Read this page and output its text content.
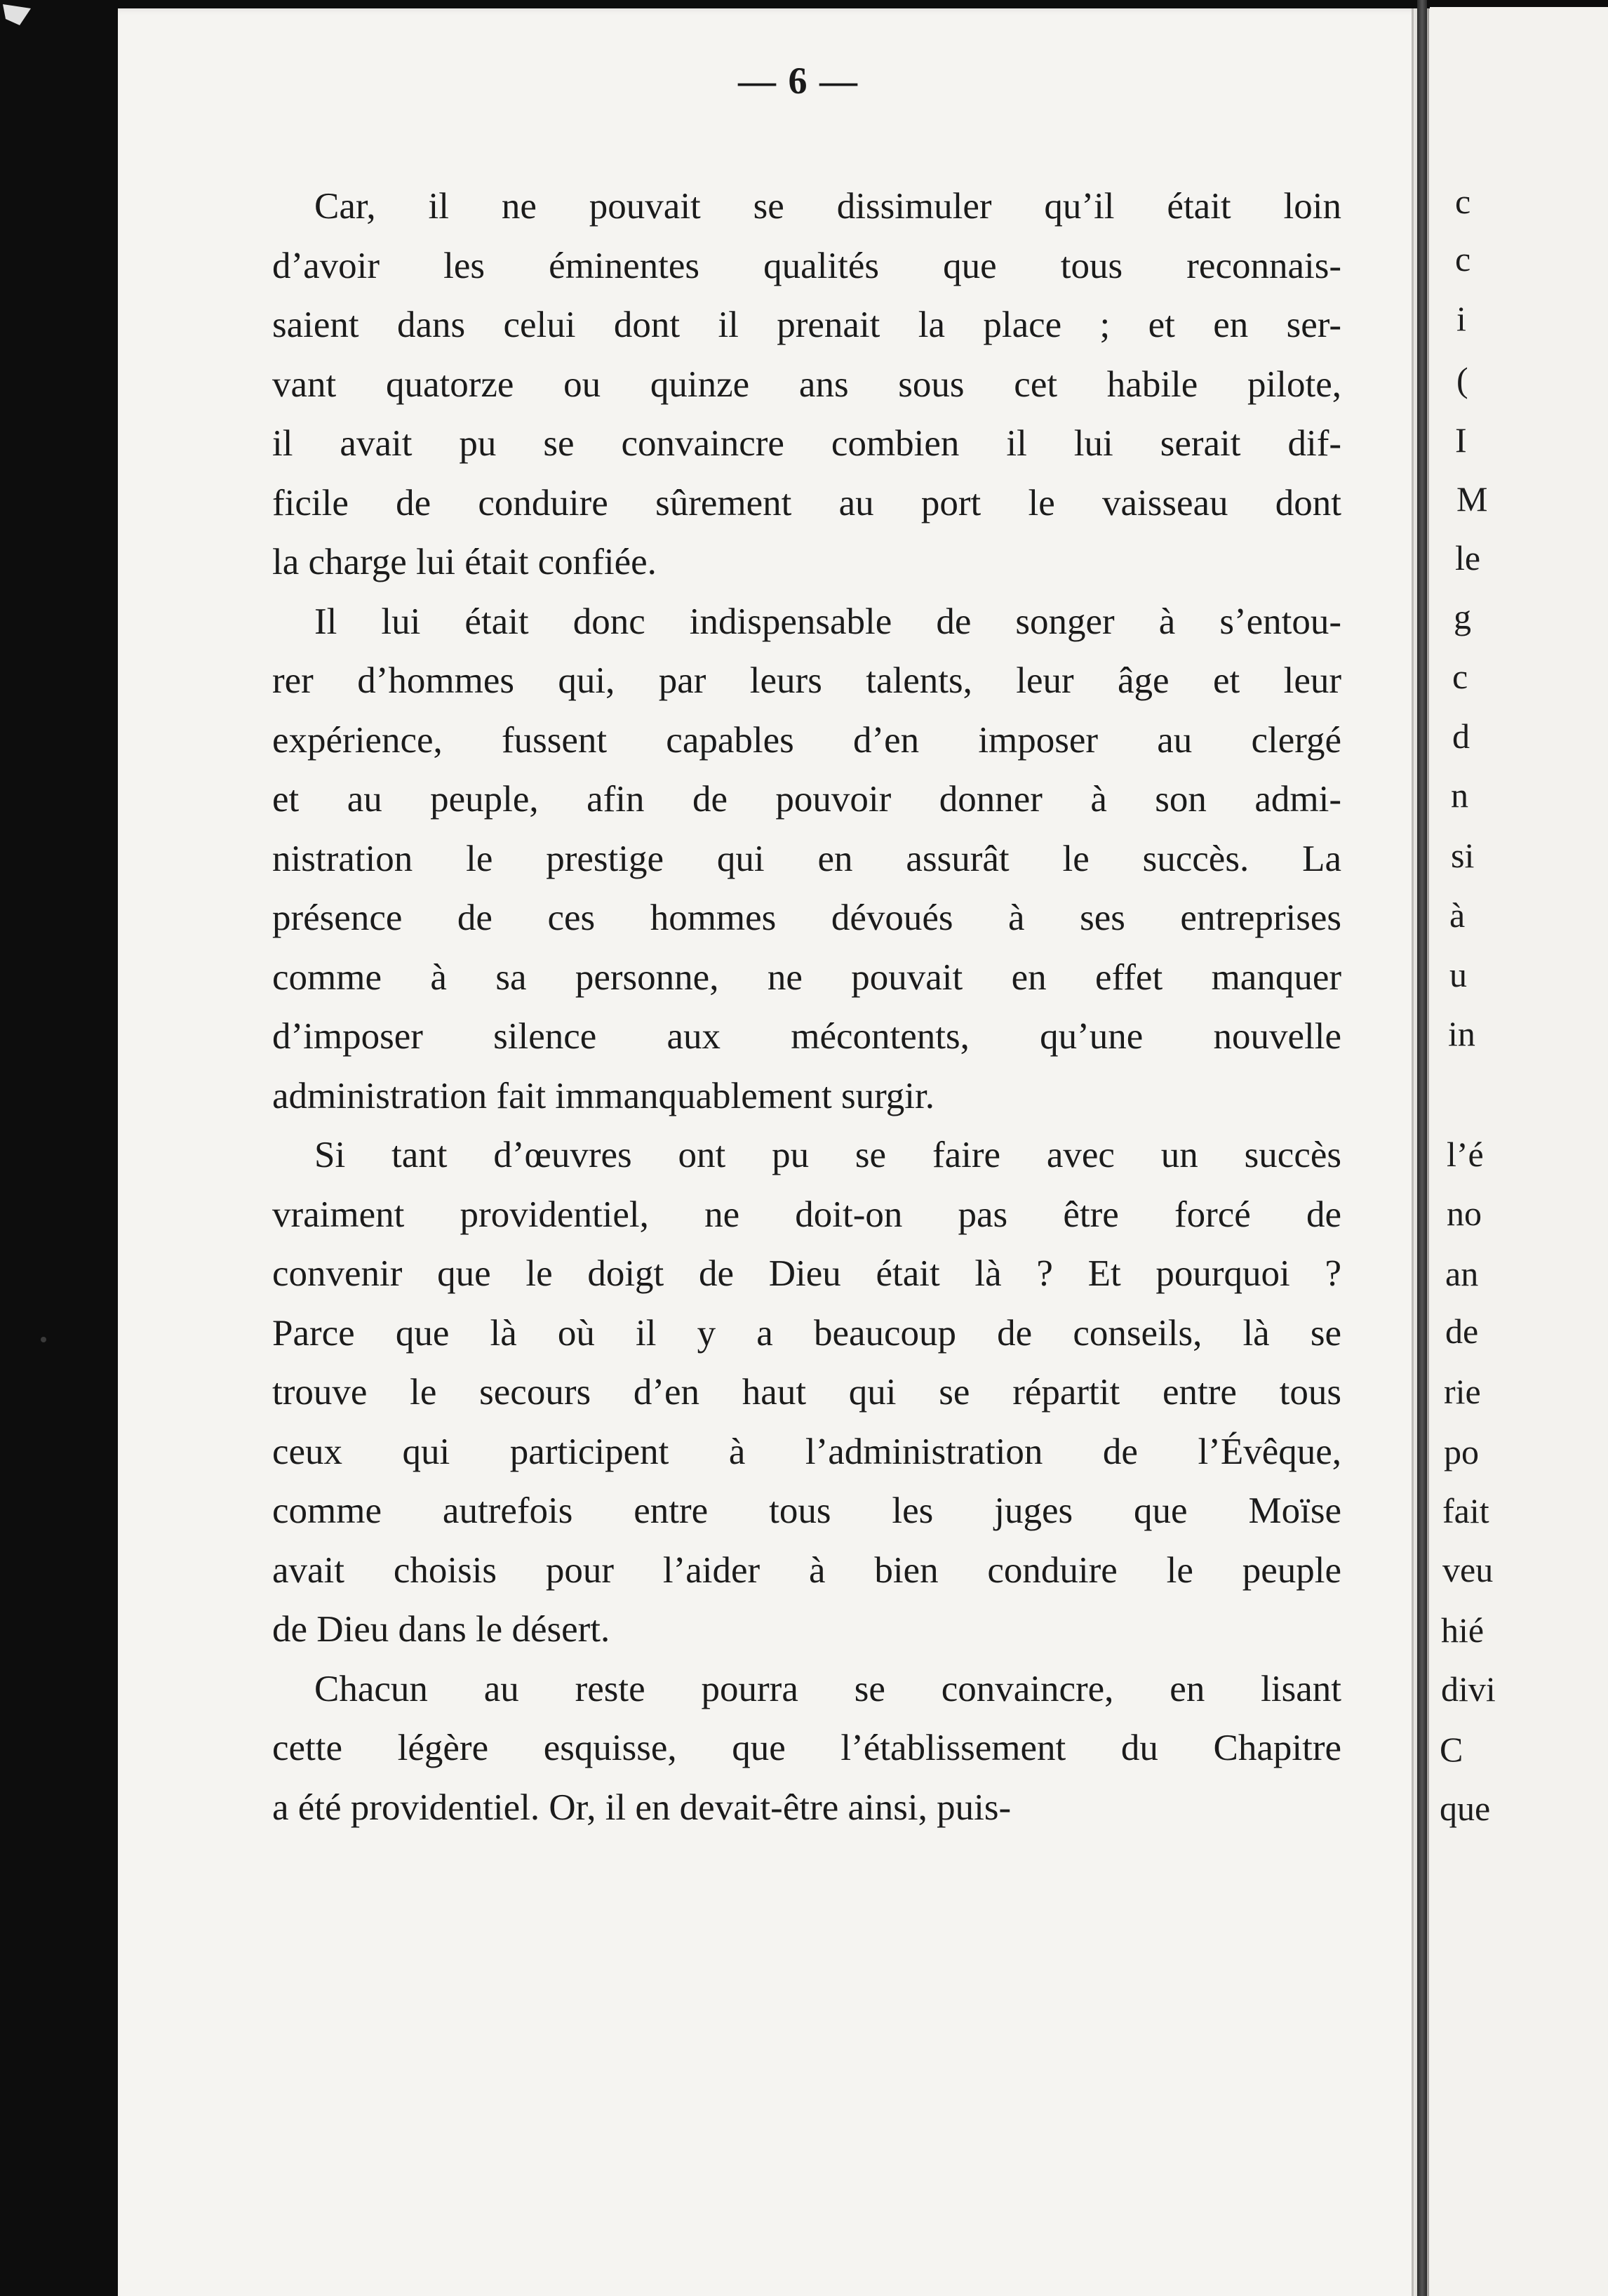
— 6 —
Car, il ne pouvait se dissimuler qu’il était loin
d’avoir les éminentes qualités que tous reconnais-
saient dans celui dont il prenait la place ; et en ser-
vant quatorze ou quinze ans sous cet habile pilote,
il avait pu se convaincre combien il lui serait dif-
ficile de conduire sûrement au port le vaisseau dont
la charge lui était confiée.
Il lui était donc indispensable de songer à s’entou-
rer d’hommes qui, par leurs talents, leur âge et leur
expérience, fussent capables d’en imposer au clergé
et au peuple, afin de pouvoir donner à son admi-
nistration le prestige qui en assurât le succès. La
présence de ces hommes dévoués à ses entreprises
comme à sa personne, ne pouvait en effet manquer
d’imposer silence aux mécontents, qu’une nouvelle
administration fait immanquablement surgir.
Si tant d’œuvres ont pu se faire avec un succès
vraiment providentiel, ne doit-on pas être forcé de
convenir que le doigt de Dieu était là ? Et pourquoi ?
Parce que là où il y a beaucoup de conseils, là se
trouve le secours d’en haut qui se répartit entre tous
ceux qui participent à l’administration de l’Évêque,
comme autrefois entre tous les juges que Moïse
avait choisis pour l’aider à bien conduire le peuple
de Dieu dans le désert.
Chacun au reste pourra se convaincre, en lisant
cette légère esquisse, que l’établissement du Chapitre
a été providentiel. Or, il en devait-être ainsi, puis-
c
c
i
(
I
M
le
g
c
d
n
si
à
u
in
l’é
no
an
de
rie
po
fait
veu
hié
divi
C
que
